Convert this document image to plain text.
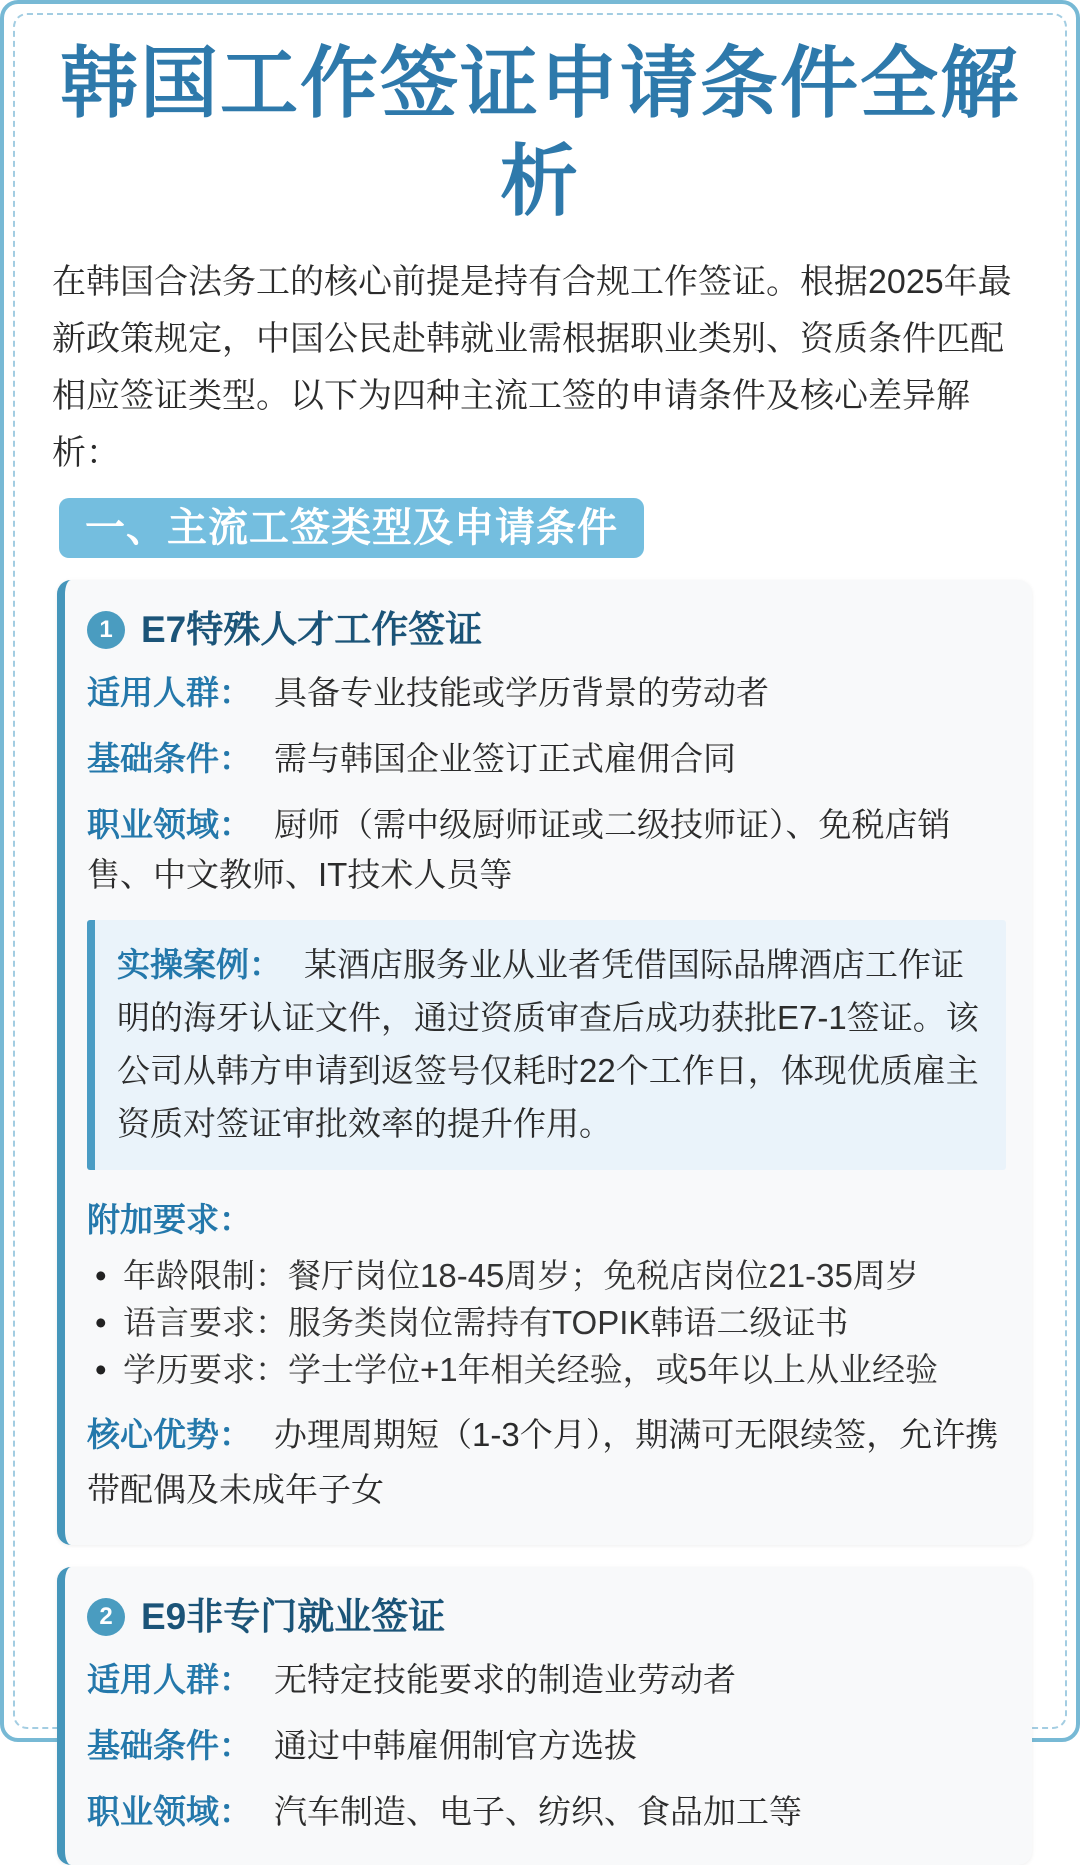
韩国工作签证申请条件全解析

在韩国合法务工的核心前提是持有合规工作签证。根据2025年最新政策规定，中国公民赴韩就业需根据职业类别、资质条件匹配相应签证类型。以下为四种主流工签的申请条件及核心差异解析：

一、主流工签类型及申请条件
1 E7特殊人才工作签证

适用人群： 具备专业技能或学历背景的劳动者

基础条件： 需与韩国企业签订正式雇佣合同

职业领域： 厨师（需中级厨师证或二级技师证）、免税店销售、中文教师、IT技术人员等

实操案例： 某酒店服务业从业者凭借国际品牌酒店工作证明的海牙认证文件，通过资质审查后成功获批E7-1签证。该公司从韩方申请到返签号仅耗时22个工作日，体现优质雇主资质对签证审批效率的提升作用。

附加要求：

• 年龄限制：餐厅岗位18-45周岁；免税店岗位21-35周岁
• 语言要求：服务类岗位需持有TOPIK韩语二级证书
• 学历要求：学士学位+1年相关经验，或5年以上从业经验

核心优势： 办理周期短（1-3个月），期满可无限续签，允许携带配偶及未成年子女

2 E9非专门就业签证

适用人群： 无特定技能要求的制造业劳动者

基础条件： 通过中韩雇佣制官方选拔

职业领域： 汽车制造、电子、纺织、食品加工等
